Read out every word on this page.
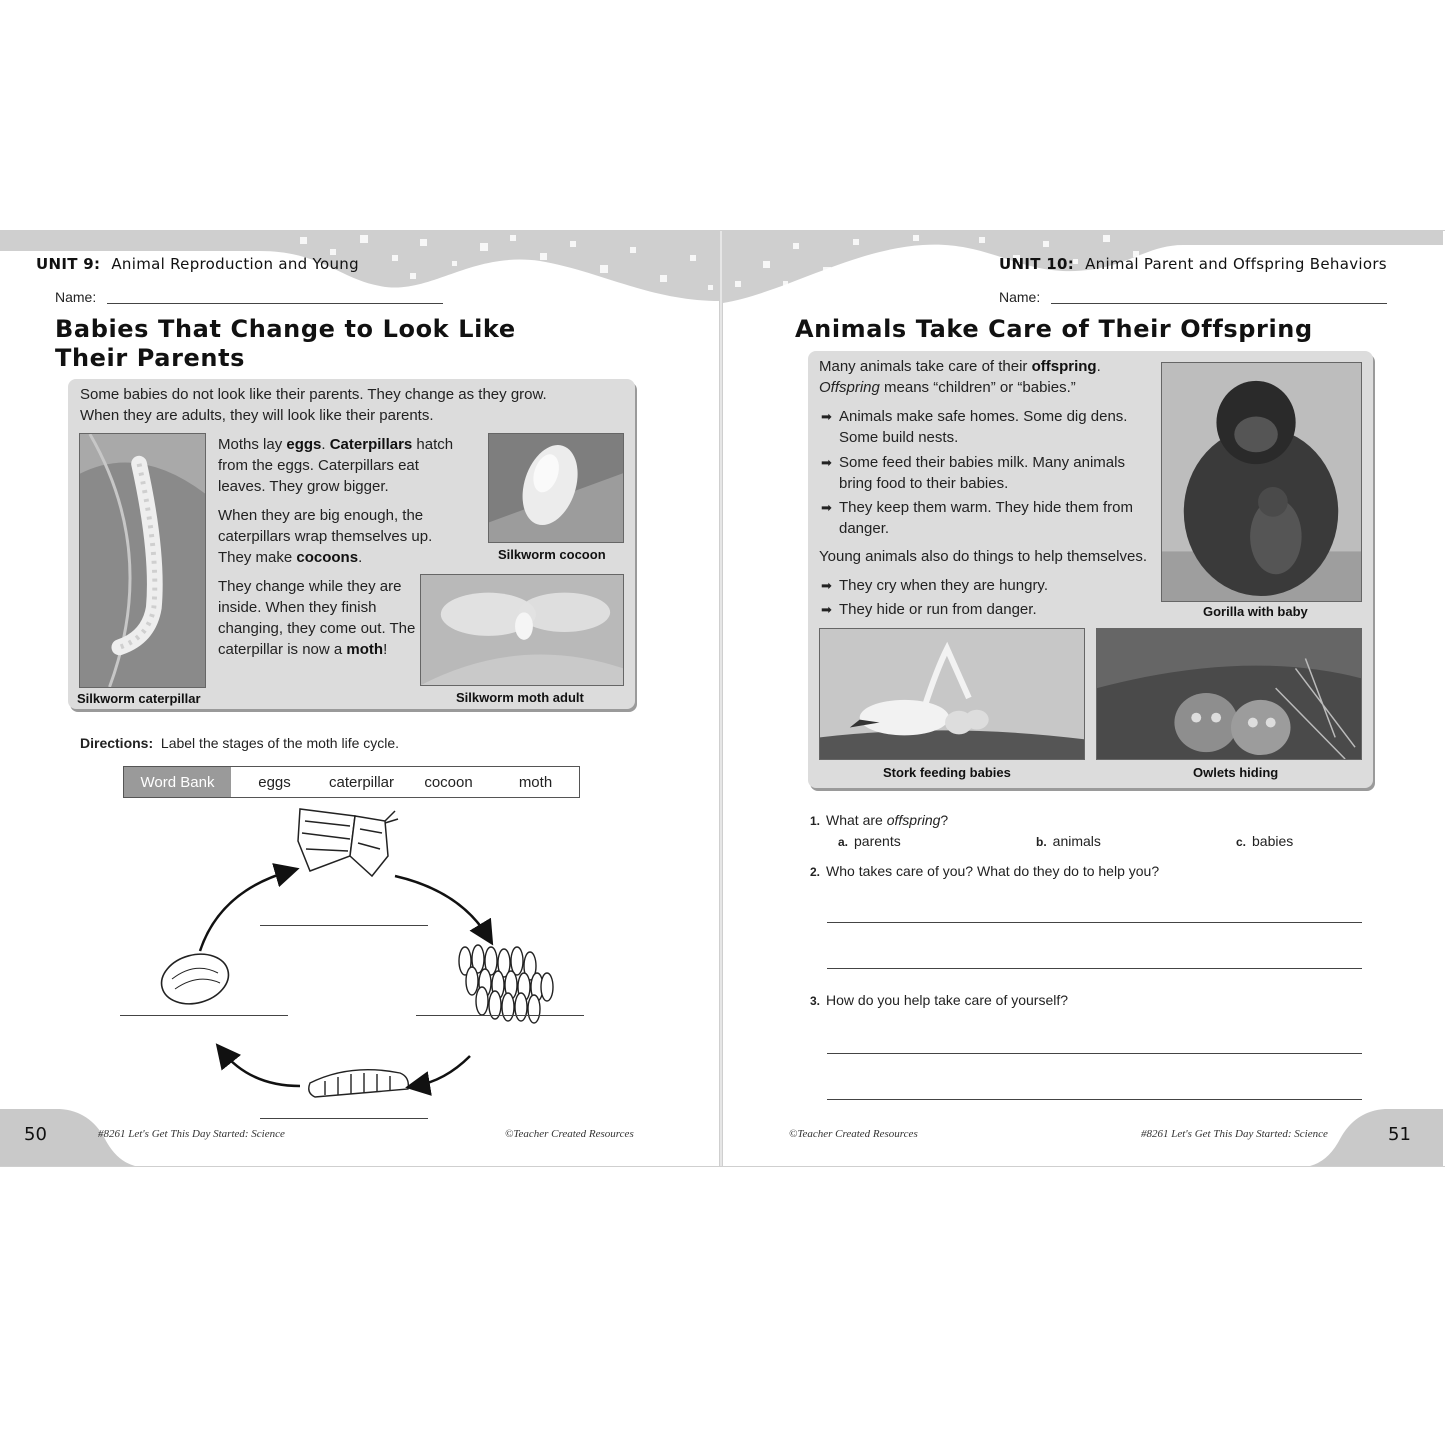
UNIT 9: Animal Reproduction and Young
Name:
Babies That Change to Look Like
Their Parents
Some babies do not look like their parents. They change as they grow.
When they are adults, they will look like their parents.
Moths lay eggs. Caterpillars hatch from the eggs. Caterpillars eat leaves. They grow bigger.
When they are big enough, the caterpillars wrap themselves up. They make cocoons.
They change while they are inside. When they finish changing, they come out. The caterpillar is now a moth!
Silkworm caterpillar
Silkworm cocoon
Silkworm moth adult
Directions: Label the stages of the moth life cycle.
Word Bank	eggs	caterpillar	cocoon	moth
50	#8261 Let's Get This Day Started: Science	©Teacher Created Resources
UNIT 10: Animal Parent and Offspring Behaviors
Name:
Animals Take Care of Their Offspring
Many animals take care of their offspring.
Offspring means “children” or “babies.”
➡ Animals make safe homes. Some dig dens. Some build nests.
➡ Some feed their babies milk. Many animals bring food to their babies.
➡ They keep them warm. They hide them from danger.
Young animals also do things to help themselves.
➡ They cry when they are hungry.
➡ They hide or run from danger.	Gorilla with baby
Stork feeding babies	Owlets hiding
1. What are offspring?
a. parents	b. animals	c. babies
2. Who takes care of you? What do they do to help you?
3. How do you help take care of yourself?
51
©Teacher Created Resources	#8261 Let's Get This Day Started: Science
